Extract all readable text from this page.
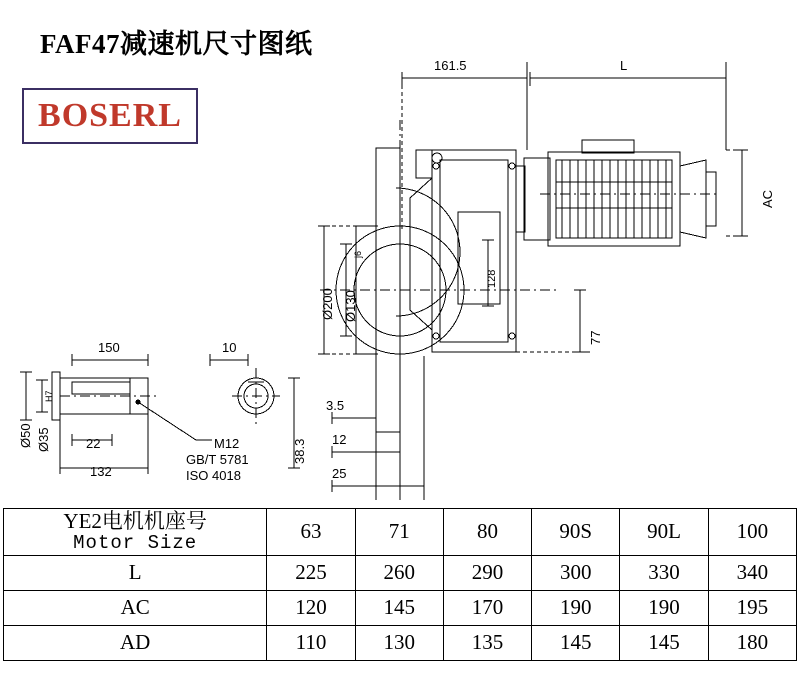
FAF47减速机尺寸图纸
BOSERL
161.5	L
AC
128
Ø200 Ø130
j6
77
3.5
12
25
150	10
22
132
Ø50 Ø35
H7
38.3
M12
GB/T 5781
ISO 4018
YE2电机机座号
Motor Size	63	71	80	90S	90L	100
L	225	260	290	300	330	340
AC	120	145	170	190	190	195
AD	110	130	135	145	145	180
